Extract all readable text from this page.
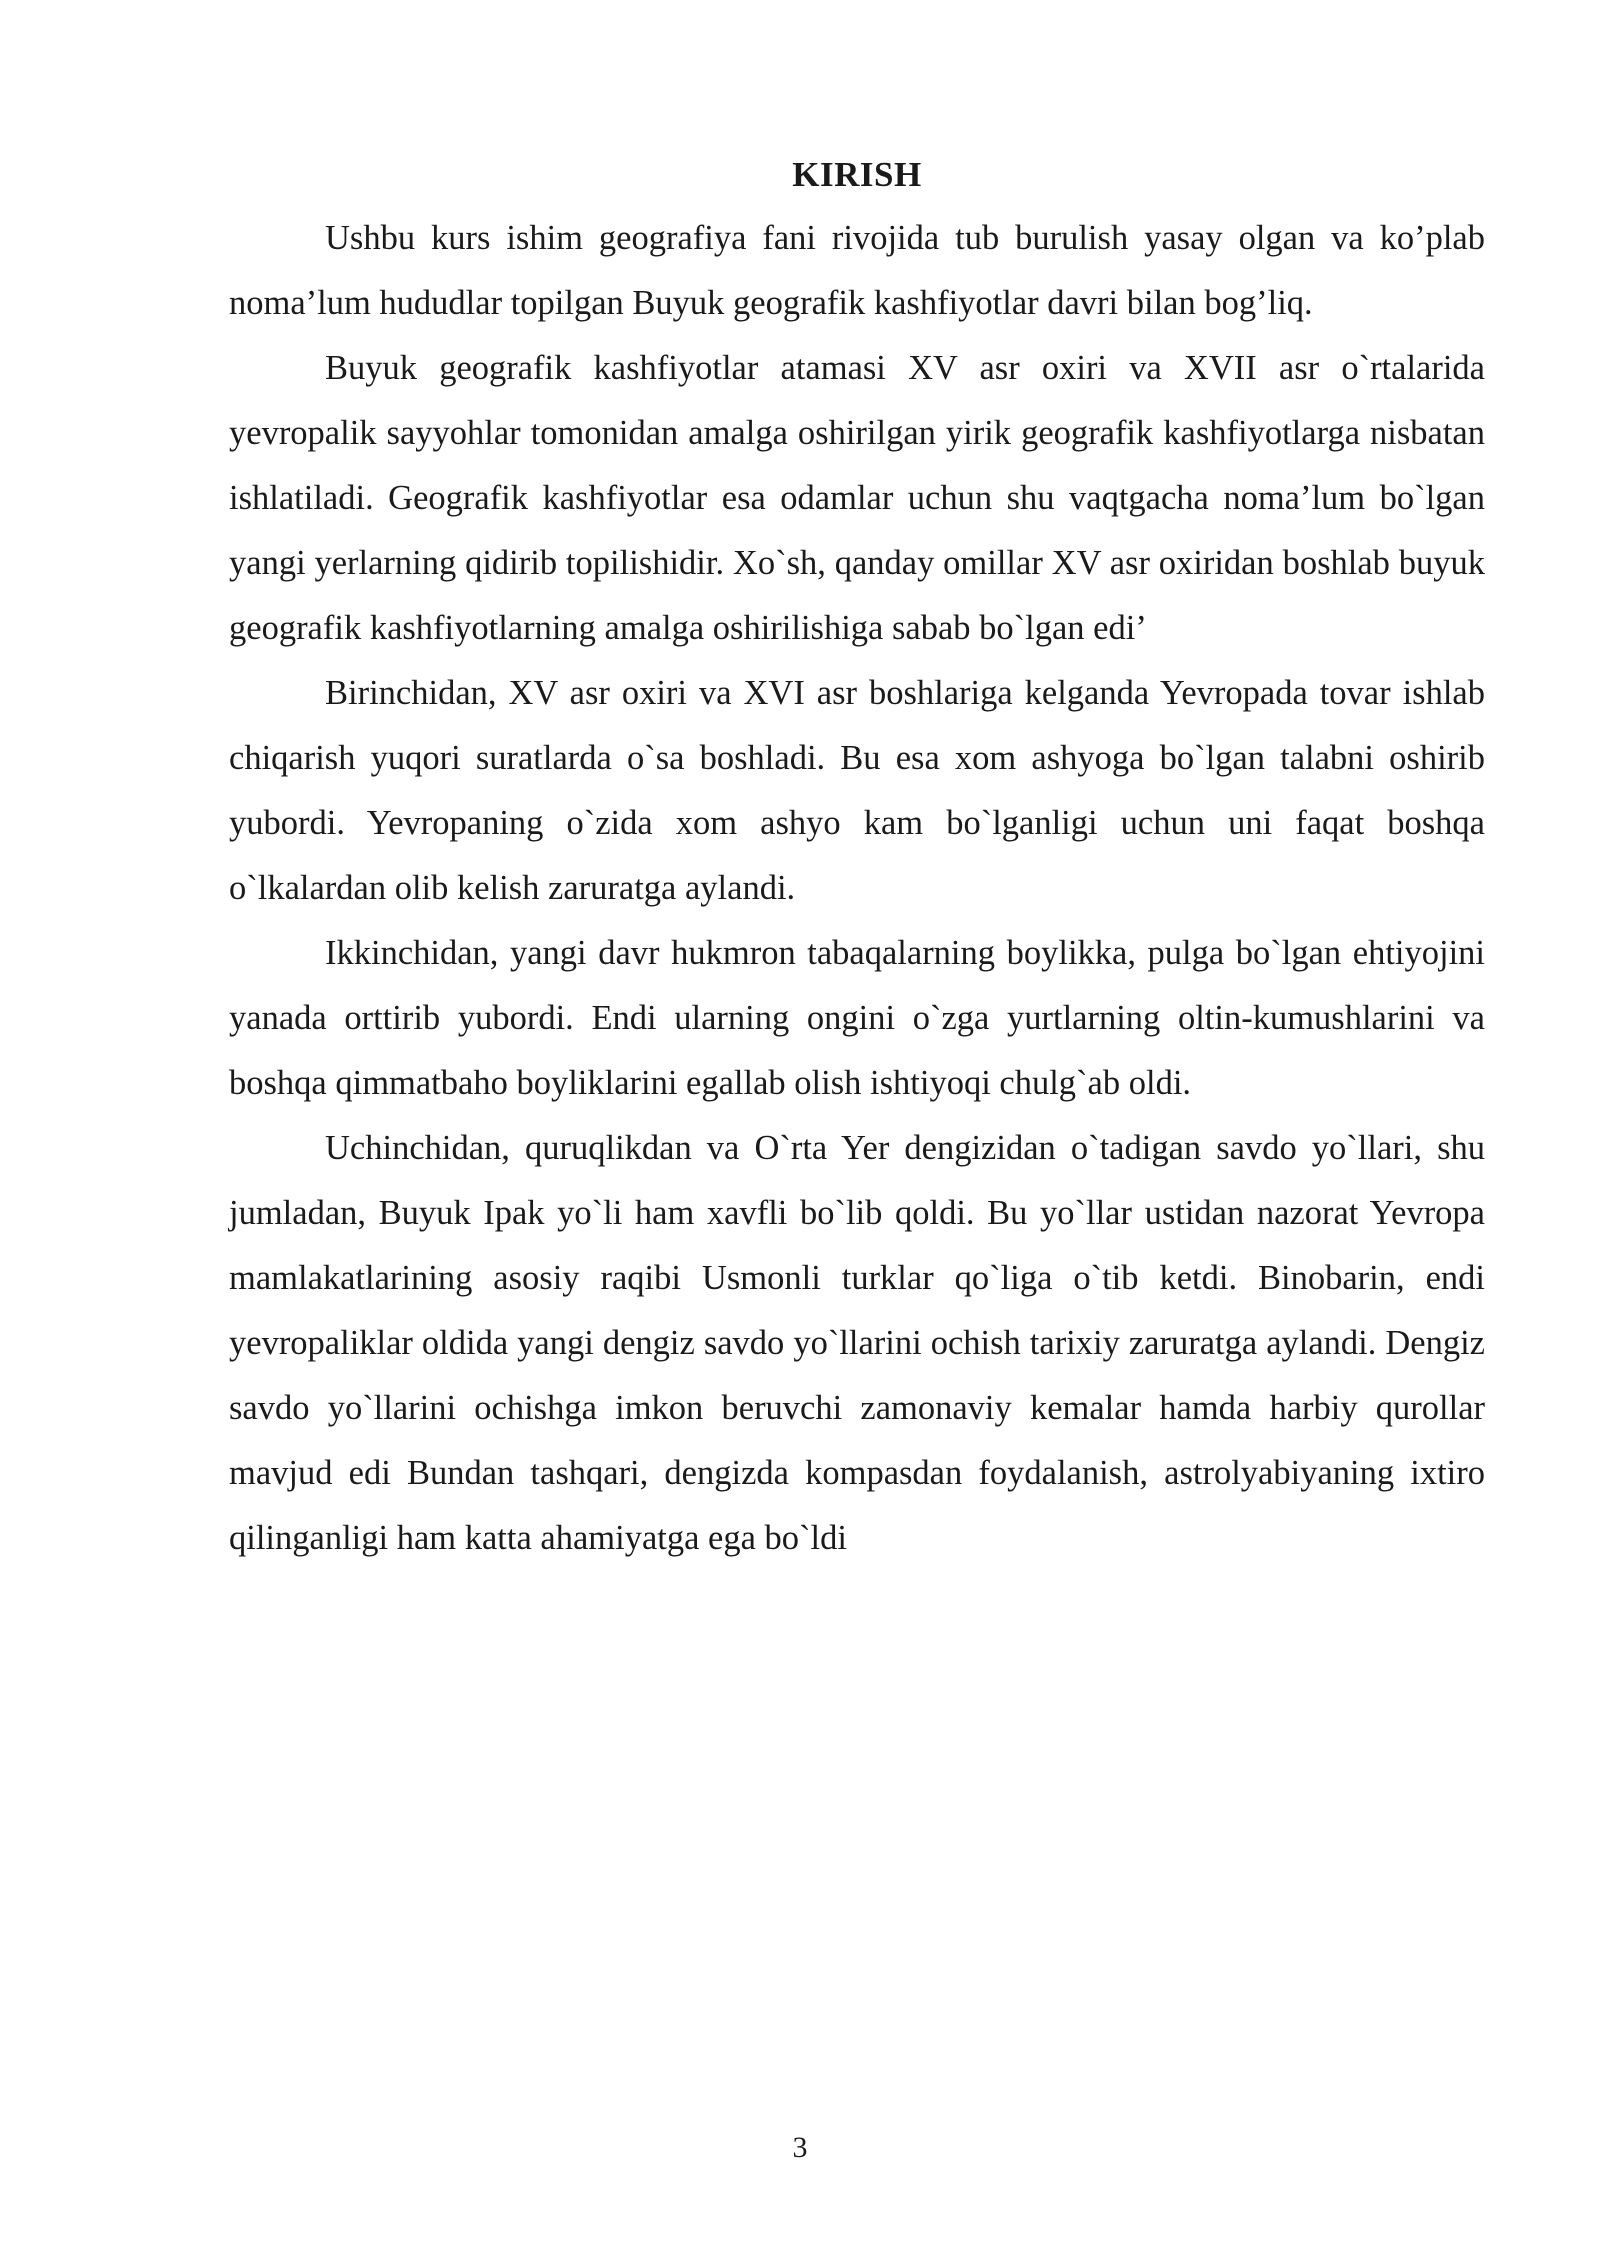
KIRISH

Ushbu kurs ishim geografiya fani rivojida tub burulish yasay olgan va ko’plab noma’lum hududlar topilgan Buyuk geografik kashfiyotlar davri bilan bog’liq.

Buyuk geografik kashfiyotlar atamasi XV asr oxiri va XVII asr o`rtalarida yevropalik sayyohlar tomonidan amalga oshirilgan yirik geografik kashfiyotlarga nisbatan ishlatiladi. Geografik kashfiyotlar esa odamlar uchun shu vaqtgacha noma’lum bo`lgan yangi yerlarning qidirib topilishidir. Xo`sh, qanday omillar XV asr oxiridan boshlab buyuk geografik kashfiyotlarning amalga oshirilishiga sabab bo`lgan edi’

Birinchidan, XV asr oxiri va XVI asr boshlariga kelganda Yevropada tovar ishlab chiqarish yuqori suratlarda o`sa boshladi. Bu esa xom ashyoga bo`lgan talabni oshirib yubordi. Yevropaning o`zida xom ashyo kam bo`lganligi uchun uni faqat boshqa o`lkalardan olib kelish zaruratga aylandi.

Ikkinchidan, yangi davr hukmron tabaqalarning boylikka, pulga bo`lgan ehtiyojini yanada orttirib yubordi. Endi ularning ongini o`zga yurtlarning oltin-kumushlarini va boshqa qimmatbaho boyliklarini egallab olish ishtiyoqi chulg`ab oldi.

Uchinchidan, quruqlikdan va O`rta Yer dengizidan o`tadigan savdo yo`llari, shu jumladan, Buyuk Ipak yo`li ham xavfli bo`lib qoldi. Bu yo`llar ustidan nazorat Yevropa mamlakatlarining asosiy raqibi Usmonli turklar qo`liga o`tib ketdi. Binobarin, endi yevropaliklar oldida yangi dengiz savdo yo`llarini ochish tarixiy zaruratga aylandi. Dengiz savdo yo`llarini ochishga imkon beruvchi zamonaviy kemalar hamda harbiy qurollar mavjud edi Bundan tashqari, dengizda kompasdan foydalanish, astrolyabiyaning ixtiro qilinganligi ham katta ahamiyatga ega bo`ldi

3
